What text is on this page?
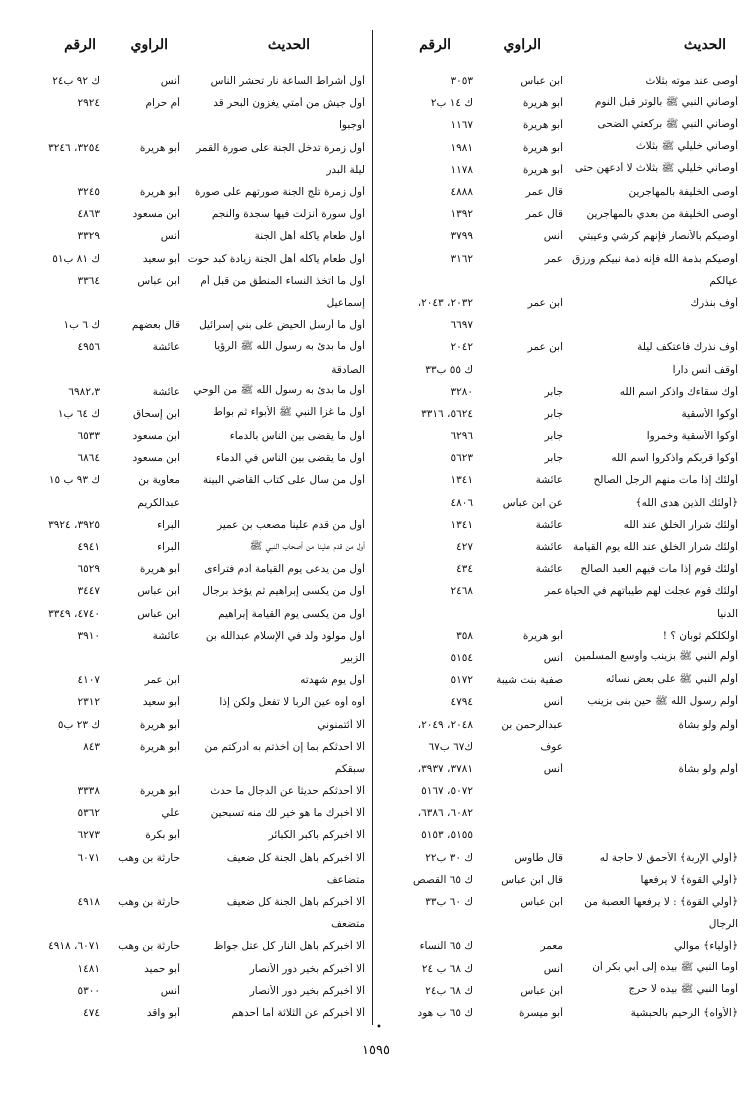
الحديث
الراوي
الرقم
أوصى عند موته بثلاث
ابن عباس
٣٠٥٣
أوصاني النبي ﷺ بالوتر قبل النوم
أبو هريرة
ك ١٤ ب٢
أوصاني النبي ﷺ بركعتي الضحى
أبو هريرة
١١٦٧
أوصاني خليلي ﷺ بثلاث
أبو هريرة
١٩٨١
أوصاني خليلي ﷺ بثلاث لا أدعهن حتى
أبو هريرة
١١٧٨
أوصى الخليفة بالمهاجرين
قال عمر
٤٨٨٨
أوصى الخليفة من بعدي بالمهاجرين
قال عمر
١٣٩٢
أوصيكم بالأنصار فإنهم كرشي وعيبتي
أنس
٣٧٩٩
أوصيكم بذمة الله فإنه ذمة نبيكم ورزق
عمر
٣١٦٢
عيالكم
أوف بنذرك
ابن عمر
٢٠٣٢، ٢٠٤٣،
٦٦٩٧
أوف نذرك فاعتكف ليلة
ابن عمر
٢٠٤٢
أوقف أنس داراً
ك ٥٥ ب٣٣
أوك سقاءك واذكر اسم الله
جابر
٣٢٨٠
أوكوا الأسقية
جابر
٥٦٢٤، ٣٣١٦
أوكوا الأسقية وخمروا
جابر
٦٢٩٦
أوكوا قربكم واذكروا اسم الله
جابر
٥٦٢٣
أولئك إذا مات منهم الرجل الصالح
عائشة
١٣٤١
﴿أولئك الذين هدى الله﴾
عن ابن عباس
٤٨٠٦
أولئك شرار الخلق عند الله
عائشة
١٣٤١
أولئك شرار الخلق عند الله يوم القيامة
عائشة
٤٢٧
أولئك قوم إذا مات فيهم العبد الصالح
عائشة
٤٣٤
أولئك قوم عجلت لهم طيباتهم في الحياة
عمر
٢٤٦٨
الدنيا
أولكلكم ثوبان ؟ !
أبو هريرة
٣٥٨
أولم النبي ﷺ بزينب وأوسع المسلمين
أنس
٥١٥٤
أولم النبي ﷺ على بعض نسائه
صفية بنت شيبة
٥١٧٢
أولم رسول الله ﷺ حين بنى بزينب
أنس
٤٧٩٤
أولم ولو بشاة
عبدالرحمن بن
٢٠٤٨، ٢٠٤٩،
عوف
ك٦٧ ب٦٧
أولم ولو بشاة
أنس
٣٧٨١، ٣٩٣٧،
٥٠٧٢، ٥١٦٧
٦٠٨٢، ٦٣٨٦،
٥١٥٥، ٥١٥٣
﴿أولي الإربة﴾ الأحمق لا حاجة له
قال طاوس
ك ٣٠ ب٢٢
﴿أولي القوة﴾ لا يرفعها
قال ابن عباس
ك ٦٥ القصص
﴿أولي القوة﴾ : لا يرفعها العصبة من
ابن عباس
ك ٦٠ ب٣٣
الرجال
﴿أولياء﴾ موالي
معمر
ك ٦٥ النساء
أوما النبي ﷺ بيده إلى أبي بكر أن
أنس
ك ٦٨ ب ٢٤
أوما النبي ﷺ بيده لا حرج
ابن عباس
ك ٦٨ ب٢٤
﴿الأواه﴾ الرحيم بالحبشية
أبو ميسرة
ك ٦٥ ب هود
الحديث
الراوي
الرقم
أول أشراط الساعة نار تحشر الناس
أنس
ك ٩٢ ب٢٤
أول جيش من أمتي يغزون البحر قد
أم حرام
٢٩٢٤
أوجبوا
أول زمرة تدخل الجنة على صورة القمر
أبو هريرة
٣٢٥٤، ٣٢٤٦
ليلة البدر
أول زمرة تلج الجنة صورتهم على صورة
أبو هريرة
٣٢٤٥
أول سورة أنزلت فيها سجدة والنجم
ابن مسعود
٤٨٦٣
أول طعام يأكله أهل الجنة
أنس
٣٣٢٩
أول طعام يأكله أهل الجنة زيادة كبد حوت
أبو سعيد
ك ٨١ ب٥١
أول ما اتخذ النساء المنطق من قبل أم
ابن عباس
٣٣٦٤
إسماعيل
أول ما أرسل الحيض على بني إسرائيل
قال بعضهم
ك ٦ ب١
أول ما بدئ به رسول الله ﷺ الرؤيا
عائشة
٤٩٥٦
الصادقة
أول ما بدئ به رسول الله ﷺ من الوحي
عائشة
٦٩٨٢،٣
أول ما غزا النبي ﷺ الأبواء ثم بواط
ابن إسحاق
ك ٦٤ ب١
أول ما يقضى بين الناس بالدماء
ابن مسعود
٦٥٣٣
أول ما يقضى بين الناس في الدماء
ابن مسعود
٦٨٦٤
أول من سأل على كتاب القاضي البينة
معاوية بن
ك ٩٣ ب ١٥
عبدالكريم
أول من قدم علينا مصعب بن عمير
البراء
٣٩٢٥، ٣٩٢٤
أول من قدم علينا من أصحاب النبي ﷺ
البراء
٤٩٤١
أول من يدعى يوم القيامة آدم فتراءى
أبو هريرة
٦٥٢٩
أول من يكسى إبراهيم ثم يؤخذ برجال
ابن عباس
٣٤٤٧
أول من يكسى يوم القيامة إبراهيم
ابن عباس
٤٧٤٠، ٣٣٤٩
أول مولود ولد في الإسلام عبدالله بن
عائشة
٣٩١٠
الزبير
أول يوم شهدته
ابن عمر
٤١٠٧
أوه أوه عين الربا لا تفعل ولكن إذا
أبو سعيد
٢٣١٢
ألا أئتمنوني
أبو هريرة
ك ٢٣ ب٥
ألا أحدثكم بما إن أخذتم به أدركتم من
أبو هريرة
٨٤٣
سبقكم
ألا أحدثكم حديثاً عن الدجال ما حدث
أبو هريرة
٣٣٣٨
ألا أخبرك ما هو خير لك منه تسبحين
علي
٥٣٦٢
ألا أخبركم بأكبر الكبائر
أبو بكرة
٦٢٧٣
ألا أخبركم بأهل الجنة كل ضعيف
حارثة بن وهب
٦٠٧١
متضاعف
ألا أخبركم بأهل الجنة كل ضعيف
حارثة بن وهب
٤٩١٨
متضعف
ألا أخبركم بأهل النار كل عتل جواظ
حارثة بن وهب
٦٠٧١، ٤٩١٨
ألا أخبركم بخير دور الأنصار
أبو حميد
١٤٨١
ألا أخبركم بخير دور الأنصار
أنس
٥٣٠٠
ألا أخبركم عن الثلاثة أما أحدهم
أبو واقد
٤٧٤
•
١٥٩٥
